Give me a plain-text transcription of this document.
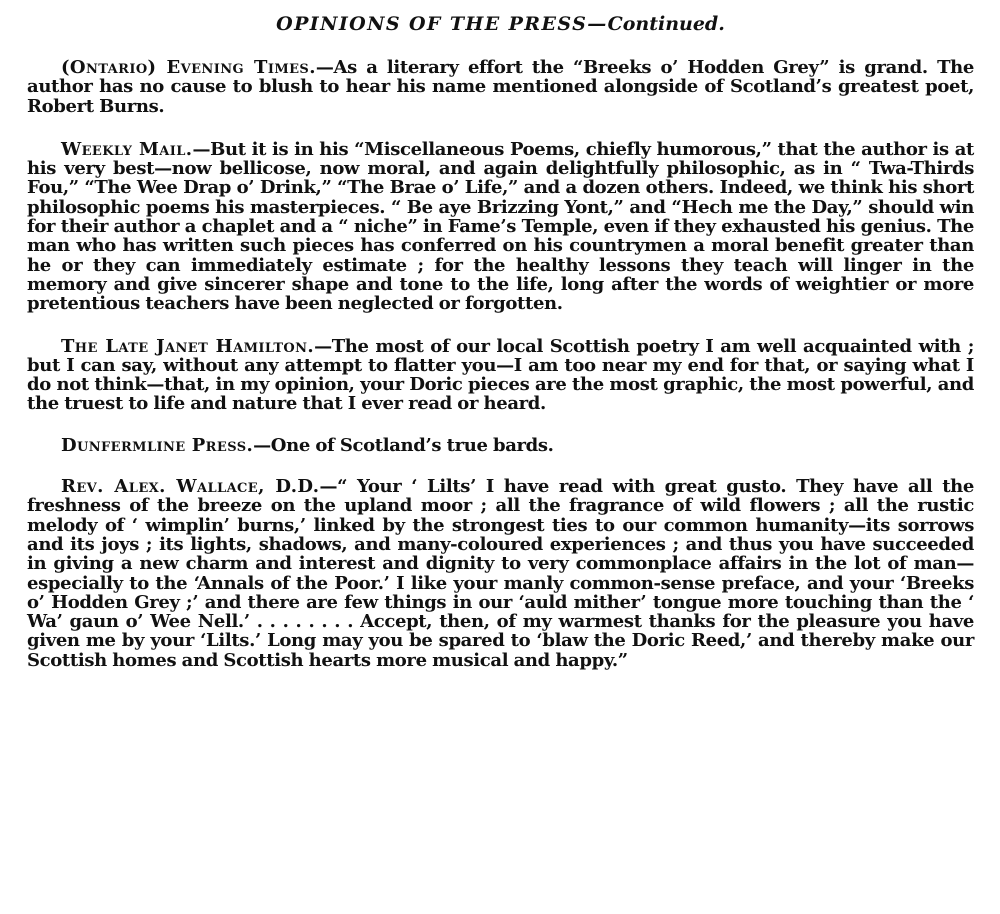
OPINIONS OF THE PRESS—Continued.

(Ontario) Evening Times.—As a literary effort the “Breeks o’ Hodden Grey” is grand. The author has no cause to blush to hear his name mentioned alongside of Scotland’s greatest poet, Robert Burns.

Weekly Mail.—But it is in his “Miscellaneous Poems, chiefly humorous,” that the author is at his very best—now bellicose, now moral, and again delightfully philosophic, as in “ Twa-Thirds Fou,” “The Wee Drap o’ Drink,” “The Brae o’ Life,” and a dozen others. Indeed, we think his short philosophic poems his masterpieces. “ Be aye Brizzing Yont,” and “Hech me the Day,” should win for their author a chaplet and a “ niche” in Fame’s Temple, even if they exhausted his genius. The man who has written such pieces has conferred on his countrymen a moral benefit greater than he or they can immediately estimate ; for the healthy lessons they teach will linger in the memory and give sincerer shape and tone to the life, long after the words of weightier or more pretentious teachers have been neglected or forgotten.

The Late Janet Hamilton.—The most of our local Scottish poetry I am well acquainted with ; but I can say, without any attempt to flatter you—I am too near my end for that, or saying what I do not think—that, in my opinion, your Doric pieces are the most graphic, the most powerful, and the truest to life and nature that I ever read or heard.

Dunfermline Press.—One of Scotland’s true bards.

Rev. Alex. Wallace, D.D.—“ Your ‘ Lilts’ I have read with great gusto. They have all the freshness of the breeze on the upland moor ; all the fragrance of wild flowers ; all the rustic melody of ‘ wimplin’ burns,’ linked by the strongest ties to our common humanity—its sorrows and its joys ; its lights, shadows, and many-coloured experiences ; and thus you have succeeded in giving a new charm and interest and dignity to very commonplace affairs in the lot of man—especially to the ‘Annals of the Poor.’ I like your manly common-sense preface, and your ‘Breeks o’ Hodden Grey ;’ and there are few things in our ‘auld mither’ tongue more touching than the ‘ Wa’ gaun o’ Wee Nell.’ . . . . . . . . Accept, then, of my warmest thanks for the pleasure you have given me by your ‘Lilts.’ Long may you be spared to ‘blaw the Doric Reed,’ and thereby make our Scottish homes and Scottish hearts more musical and happy.”
